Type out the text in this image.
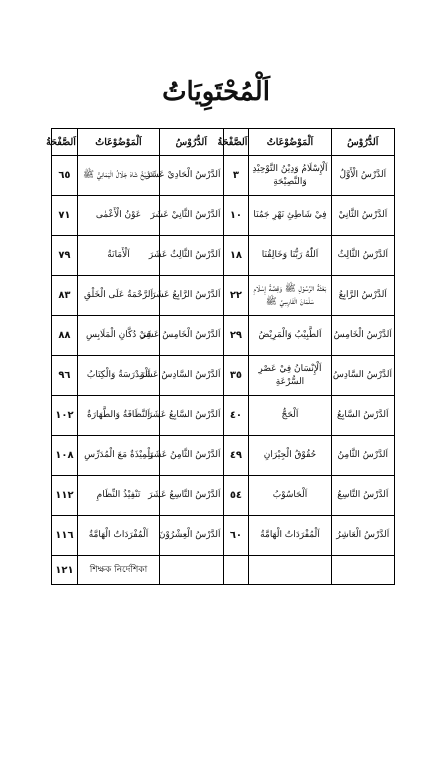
اَلْمُحْتَوِيَاتُ
اَلدُّرُوْسُ	اَلْمَوْضُوْعَاتُ	اَلصَّفْحَةُ	اَلدُّرُوْسُ	اَلْمَوْضُوْعَاتُ	اَلصَّفْحَةُ
اَلدَّرْسُ الْأَوَّلُ	اَلْإِسْلَامُ وَدِيْنُ التَّوْحِيْدِ وَالنَّصِيْحَةِ	٣	اَلدَّرْسُ الْحَادِيْ عَشَرَ	اَلشَّيْخُ شَاهْ جَلَالُ الْيَمَانِيُّ ﷺ	٦٥
اَلدَّرْسُ الثَّانِيْ	فِيْ شَاطِئِ نَهْرِ جَمُنَا	١٠	اَلدَّرْسُ الثَّانِيْ عَشَرَ	عَوْنُ الْأَعْمٰى	٧١
اَلدَّرْسُ الثَّالِثُ	اَللّٰهُ رَبُّنَا وَخَالِقُنَا	١٨	اَلدَّرْسُ الثَّالِثُ عَشَرَ	اَلْأَمَانَةُ	٧٩
اَلدَّرْسُ الرَّابِعُ	بَعْثَةُ الرَّسُوْلِ ﷺ وَقِصَّةُ إِسْلَامِ سَلْمَانَ الْفَارِسِيِّ ﷺ	٢٢	اَلدَّرْسُ الرَّابِعُ عَشَرَ	اَلرَّحْمَةُ عَلَى الْخَلْقِ	٨٣
اَلدَّرْسُ الْخَامِسُ	اَلطَّبِيْبُ وَالْمَرِيْضُ	٢٩	اَلدَّرْسُ الْخَامِسُ عَشَرَ	فِيْ دُكَّانِ الْمَلَابِسِ	٨٨
اَلدَّرْسُ السَّادِسُ	اَلْإِنْسَانُ فِيْ عَصْرِ السُّرْعَةِ	٣٥	اَلدَّرْسُ السَّادِسُ عَشَرَ	اَلْمَدْرَسَةُ وَالْكِتَابُ	٩٦
اَلدَّرْسُ السَّابِعُ	اَلْحَجُّ	٤٠	اَلدَّرْسُ السَّابِعُ عَشَرَ	اَلنَّظَافَةُ وَالطَّهَارَةُ	١٠٢
اَلدَّرْسُ الثَّامِنُ	حُقُوْقُ الْجِيْرَانِ	٤٩	اَلدَّرْسُ الثَّامِنُ عَشَرَ	تِلْمِيْذَةٌ مَعَ الْمُدَرِّسِ	١٠٨
اَلدَّرْسُ التَّاسِعُ	اَلْحَاسُوْبُ	٥٤	اَلدَّرْسُ التَّاسِعُ عَشَرَ	تَنْفِيْذُ النِّظَامِ	١١٢
اَلدَّرْسُ الْعَاشِرُ	اَلْمُفْرَدَاتُ الْهَامَّةُ	٦٠	اَلدَّرْسُ الْعِشْرُوْنَ	اَلْمُفْرَدَاتُ الْهَامَّةُ	١١٦
				শিক্ষক নির্দেশিকা	١٢١
